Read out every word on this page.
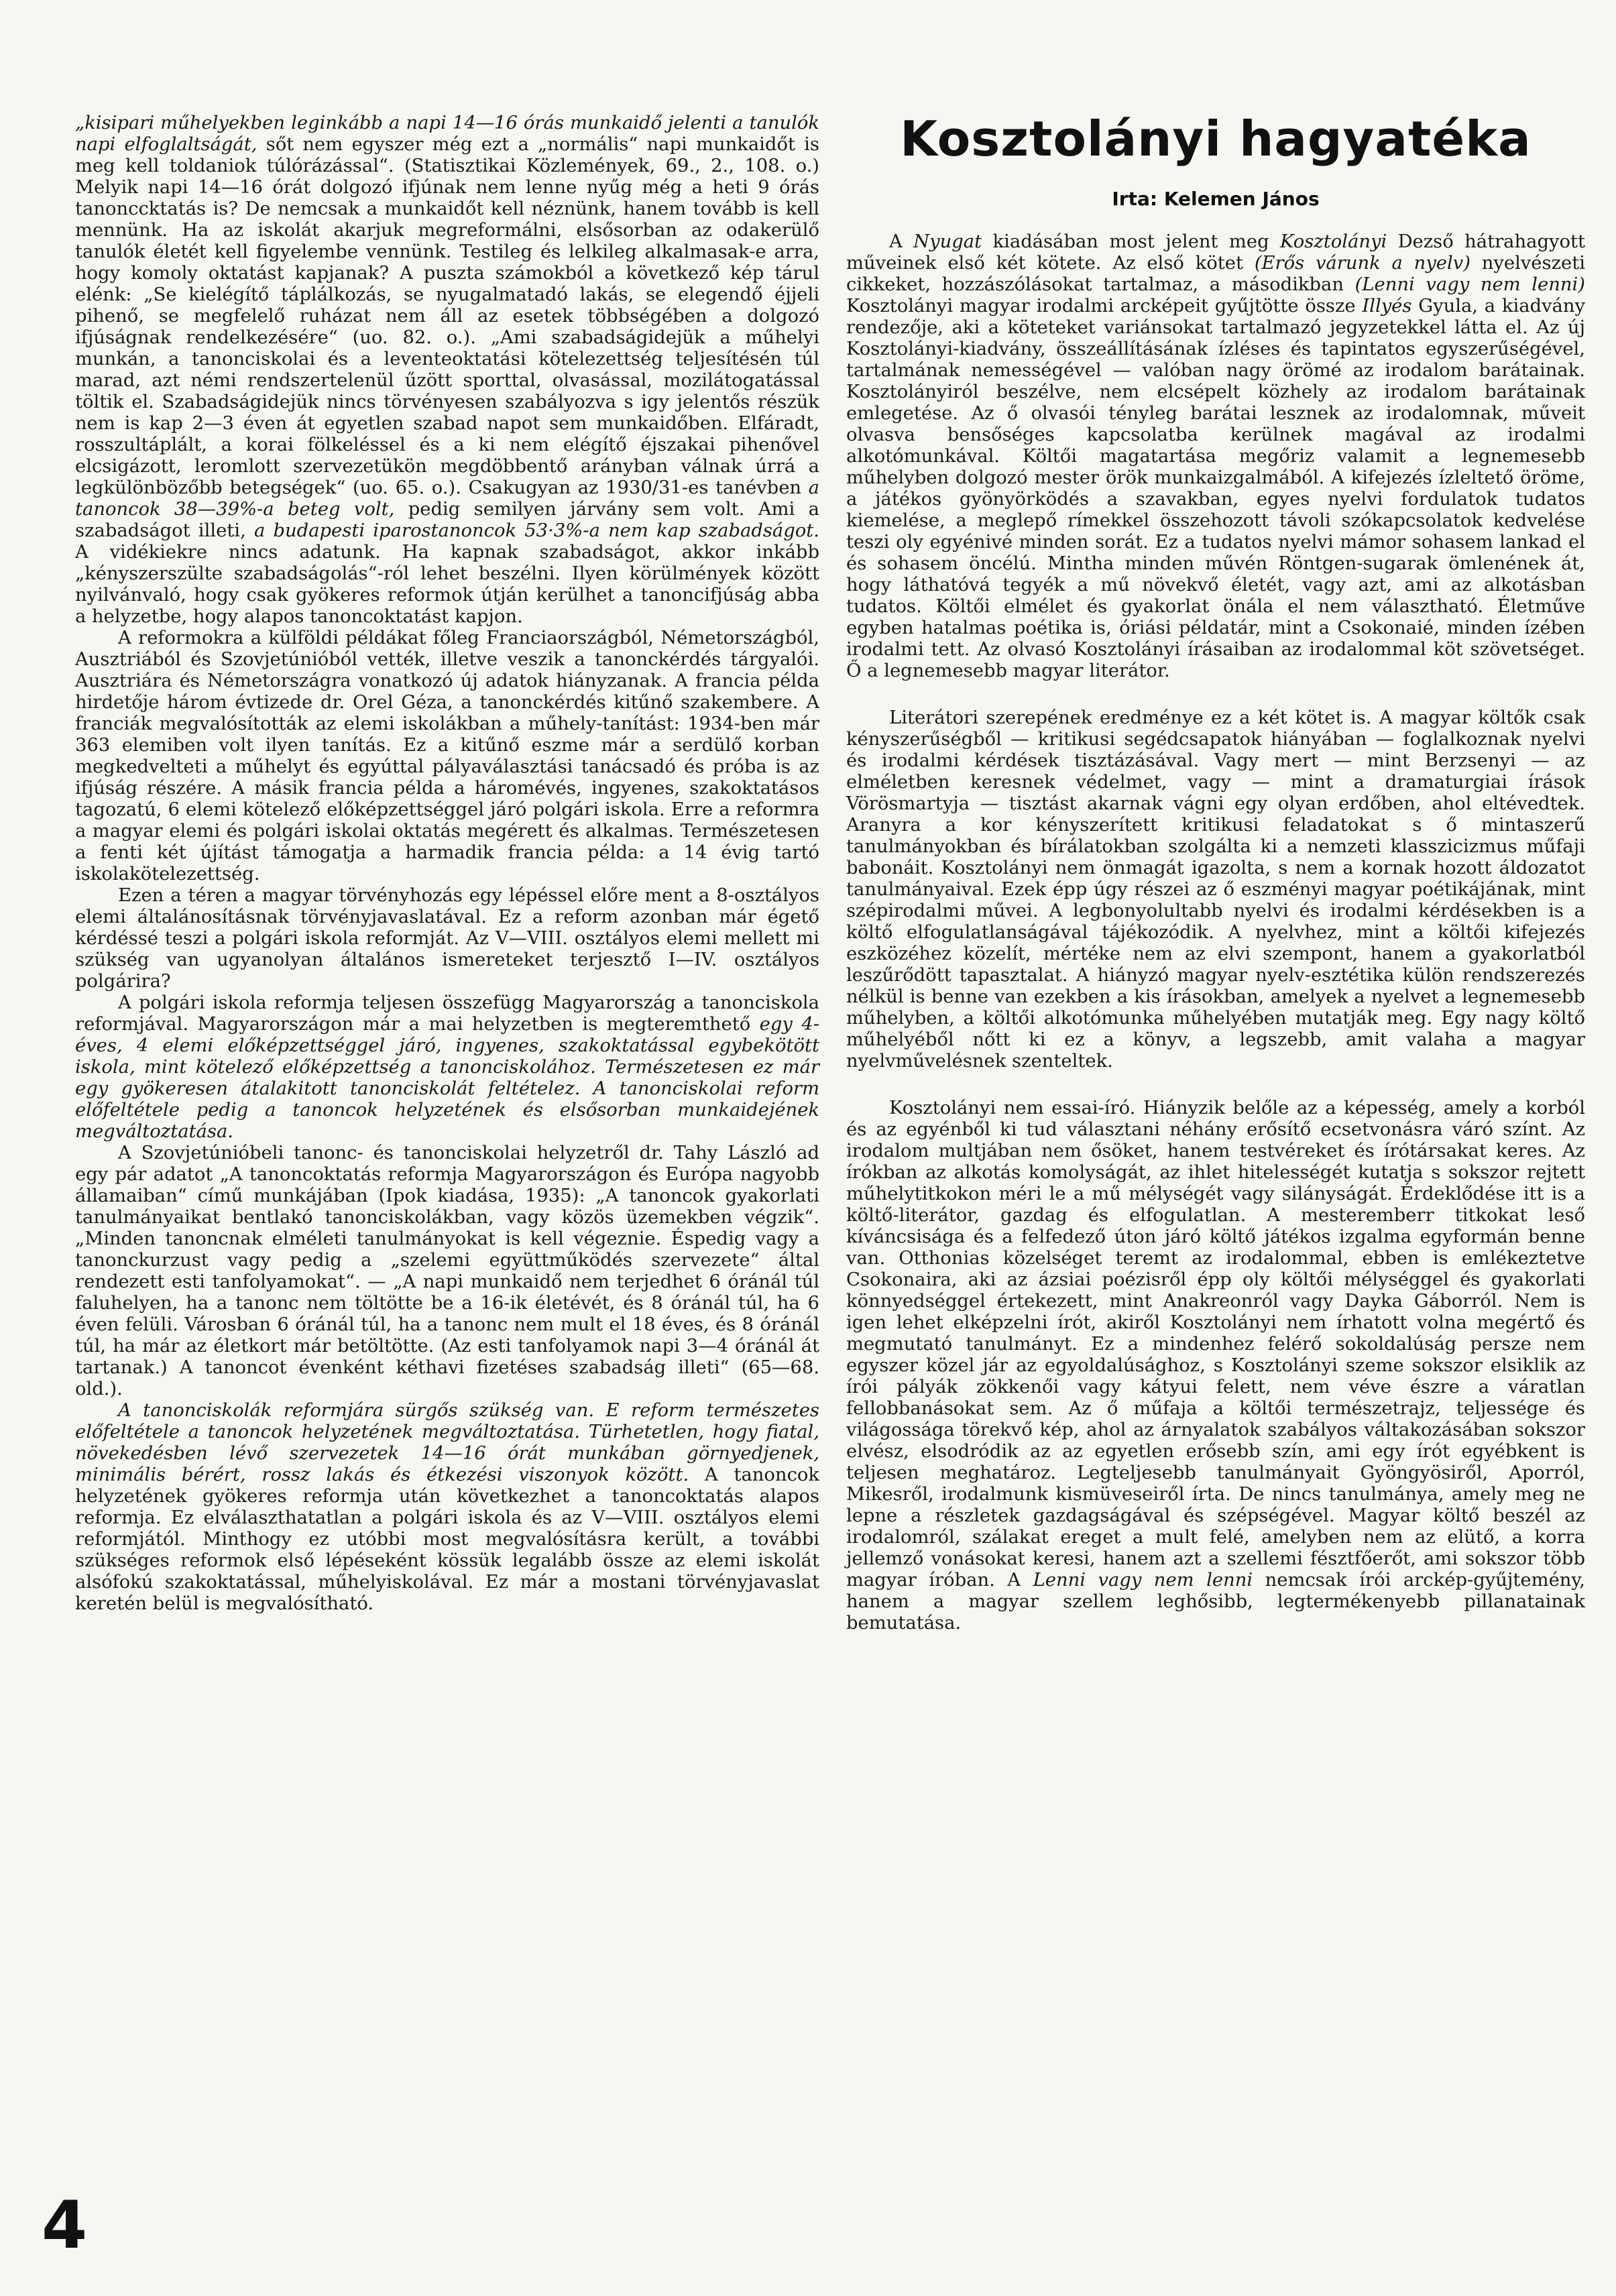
„kisipari műhelyekben leginkább a napi 14—16 órás munkaidő jelenti a tanulók napi elfoglaltságát, sőt nem egyszer még ezt a „normális“ napi munkaidőt is meg kell toldaniok túlórázással“. (Statisztikai Közlemények, 69., 2., 108. o.) Melyik napi 14—16 órát dolgozó ifjúnak nem lenne nyűg még a heti 9 órás tanonccktatás is? De nemcsak a munkaidőt kell néznünk, hanem tovább is kell mennünk. Ha az iskolát akarjuk megreformálni, elsősorban az odakerülő tanulók életét kell figyelembe vennünk. Testileg és lelkileg alkalmasak-e arra, hogy komoly oktatást kapjanak? A puszta számokból a következő kép tárul elénk: „Se kielégítő táplálkozás, se nyugalmatadó lakás, se elegendő éjjeli pihenő, se megfelelő ruházat nem áll az esetek többségében a dolgozó ifjúságnak rendelkezésére“ (uo. 82. o.). „Ami szabadságidejük a műhelyi munkán, a tanonciskolai és a leventeoktatási kötelezettség teljesítésén túl marad, azt némi rendszertelenül űzött sporttal, olvasással, mozilátogatással töltik el. Szabadságidejük nincs törvényesen szabályozva s igy jelentős részük nem is kap 2—3 éven át egyetlen szabad napot sem munkaidőben. Elfáradt, rosszultáplált, a korai fölkeléssel és a ki nem elégítő éjszakai pihenővel elcsigázott, leromlott szervezetükön megdöbbentő arányban válnak úrrá a legkülönbözőbb betegségek“ (uo. 65. o.). Csakugyan az 1930/31-es tanévben a tanoncok 38—39%-a beteg volt, pedig semilyen járvány sem volt. Ami a szabadságot illeti, a budapesti iparostanoncok 53·3%-a nem kap szabadságot. A vidékiekre nincs adatunk. Ha kapnak szabadságot, akkor inkább „kényszerszülte szabadságolás“-ról lehet beszélni. Ilyen körülmények között nyilvánvaló, hogy csak gyökeres reformok útján kerülhet a tanoncifjúság abba a helyzetbe, hogy alapos tanoncoktatást kapjon.

A reformokra a külföldi példákat főleg Franciaországból, Németországból, Ausztriából és Szovjetúnióból vették, illetve veszik a tanonckérdés tárgyalói. Ausztriára és Németországra vonatkozó új adatok hiányzanak. A francia példa hirdetője három évtizede dr. Orel Géza, a tanonckérdés kitűnő szakembere. A franciák megvalósították az elemi iskolákban a műhely-tanítást: 1934-ben már 363 elemiben volt ilyen tanítás. Ez a kitűnő eszme már a serdülő korban megkedvelteti a műhelyt és egyúttal pályaválasztási tanácsadó és próba is az ifjúság részére. A másik francia példa a háromévés, ingyenes, szakoktatásos tagozatú, 6 elemi kötelező előképzettséggel járó polgári iskola. Erre a reformra a magyar elemi és polgári iskolai oktatás megérett és alkalmas. Természetesen a fenti két újítást támogatja a harmadik francia példa: a 14 évig tartó iskolakötelezettség.

Ezen a téren a magyar törvényhozás egy lépéssel előre ment a 8-osztályos elemi általánosításnak törvényjavaslatával. Ez a reform azonban már égető kérdéssé teszi a polgári iskola reformját. Az V—VIII. osztályos elemi mellett mi szükség van ugyanolyan általános ismereteket terjesztő I—IV. osztályos polgárira?

A polgári iskola reformja teljesen összefügg Magyarország a tanonciskola reformjával. Magyarországon már a mai helyzetben is megteremthető egy 4-éves, 4 elemi előképzettséggel járó, ingyenes, szakoktatással egybekötött iskola, mint kötelező előképzettség a tanonciskolához. Természetesen ez már egy gyökeresen átalakitott tanonciskolát feltételez. A tanonciskolai reform előfeltétele pedig a tanoncok helyzetének és elsősorban munkaidejének megváltoztatása.

A Szovjetúnióbeli tanonc- és tanonciskolai helyzetről dr. Tahy László ad egy pár adatot „A tanoncoktatás reformja Magyarországon és Európa nagyobb államaiban“ című munkájában (Ipok kiadása, 1935): „A tanoncok gyakorlati tanulmányaikat bentlakó tanonciskolákban, vagy közös üzemekben végzik“. „Minden tanoncnak elméleti tanulmányokat is kell végeznie. Éspedig vagy a tanonckurzust vagy pedig a „szelemi együttműködés szervezete“ által rendezett esti tanfolyamokat“. — „A napi munkaidő nem terjedhet 6 óránál túl faluhelyen, ha a tanonc nem töltötte be a 16-ik életévét, és 8 óránál túl, ha 6 éven felüli. Városban 6 óránál túl, ha a tanonc nem mult el 18 éves, és 8 óránál túl, ha már az életkort már betöltötte. (Az esti tanfolyamok napi 3—4 óránál át tartanak.) A tanoncot évenként kéthavi fizetéses szabadság illeti“ (65—68. old.).

A tanonciskolák reformjára sürgős szükség van. E reform természetes előfeltétele a tanoncok helyzetének megváltoztatása. Türhetetlen, hogy fiatal, növekedésben lévő szervezetek 14—16 órát munkában görnyedjenek, minimális bérért, rossz lakás és étkezési viszonyok között. A tanoncok helyzetének gyökeres reformja után következhet a tanoncoktatás alapos reformja. Ez elválaszthatatlan a polgári iskola és az V—VIII. osztályos elemi reformjától. Minthogy ez utóbbi most megvalósításra került, a további szükséges reformok első lépéseként kössük legalább össze az elemi iskolát alsófokú szakoktatással, műhelyiskolával. Ez már a mostani törvényjavaslat keretén belül is megvalósítható.

Kosztolányi hagyatéka
Irta: Kelemen János

A Nyugat kiadásában most jelent meg Kosztolányi Dezső hátrahagyott műveinek első két kötete. Az első kötet (Erős várunk a nyelv) nyelvészeti cikkeket, hozzászólásokat tartalmaz, a másodikban (Lenni vagy nem lenni) Kosztolányi magyar irodalmi arcképeit gyűjtötte össze Illyés Gyula, a kiadvány rendezője, aki a köteteket variánsokat tartalmazó jegyzetekkel látta el. Az új Kosztolányi-kiadvány, összeállításának ízléses és tapintatos egyszerűségével, tartalmának nemességével — valóban nagy örömé az irodalom barátainak. Kosztolányiról beszélve, nem elcsépelt közhely az irodalom barátainak emlegetése. Az ő olvasói tényleg barátai lesznek az irodalomnak, műveit olvasva bensőséges kapcsolatba kerülnek magával az irodalmi alkotómunkával. Költői magatartása megőriz valamit a legnemesebb műhelyben dolgozó mester örök munkaizgalmából. A kifejezés ízleltető öröme, a játékos gyönyörködés a szavakban, egyes nyelvi fordulatok tudatos kiemelése, a meglepő rímekkel összehozott távoli szókapcsolatok kedvelése teszi oly egyénivé minden sorát. Ez a tudatos nyelvi mámor sohasem lankad el és sohasem öncélú. Mintha minden művén Röntgen-sugarak ömlenének át, hogy láthatóvá tegyék a mű növekvő életét, vagy azt, ami az alkotásban tudatos. Költői elmélet és gyakorlat önála el nem választható. Életműve egyben hatalmas poétika is, óriási példatár, mint a Csokonaié, minden ízében irodalmi tett. Az olvasó Kosztolányi írásaiban az irodalommal köt szövetséget. Ő a legnemesebb magyar literátor.

Literátori szerepének eredménye ez a két kötet is. A magyar költők csak kényszerűségből — kritikusi segédcsapatok hiányában — foglalkoznak nyelvi és irodalmi kérdések tisztázásával. Vagy mert — mint Berzsenyi — az elméletben keresnek védelmet, vagy — mint a dramaturgiai írások Vörösmartyja — tisztást akarnak vágni egy olyan erdőben, ahol eltévedtek. Aranyra a kor kényszerített kritikusi feladatokat s ő mintaszerű tanulmányokban és bírálatokban szolgálta ki a nemzeti klasszicizmus műfaji babonáit. Kosztolányi nem önmagát igazolta, s nem a kornak hozott áldozatot tanulmányaival. Ezek épp úgy részei az ő eszményi magyar poétikájának, mint szépirodalmi művei. A legbonyolultabb nyelvi és irodalmi kérdésekben is a költő elfogulatlanságával tájékozódik. A nyelvhez, mint a költői kifejezés eszközéhez közelít, mértéke nem az elvi szempont, hanem a gyakorlatból leszűrődött tapasztalat. A hiányzó magyar nyelv-esztétika külön rendszerezés nélkül is benne van ezekben a kis írásokban, amelyek a nyelvet a legnemesebb műhelyben, a költői alkotómunka műhelyében mutatják meg. Egy nagy költő műhelyéből nőtt ki ez a könyv, a legszebb, amit valaha a magyar nyelvművelésnek szenteltek.

Kosztolányi nem essai-író. Hiányzik belőle az a képesség, amely a korból és az egyénből ki tud választani néhány erősítő ecsetvonásra váró színt. Az irodalom multjában nem ősöket, hanem testvéreket és írótársakat keres. Az írókban az alkotás komolyságát, az ihlet hitelességét kutatja s sokszor rejtett műhelytitkokon méri le a mű mélységét vagy silányságát. Érdeklődése itt is a költő-literátor, gazdag és elfogulatlan. A mesteremberr titkokat leső kíváncsisága és a felfedező úton járó költő játékos izgalma egyformán benne van. Otthonias közelséget teremt az irodalommal, ebben is emlékeztetve Csokonaira, aki az ázsiai poézisről épp oly költői mélységgel és gyakorlati könnyedséggel értekezett, mint Anakreonról vagy Dayka Gáborról. Nem is igen lehet elképzelni írót, akiről Kosztolányi nem írhatott volna megértő és megmutató tanulmányt. Ez a mindenhez felérő sokoldalúság persze nem egyszer közel jár az egyoldalúsághoz, s Kosztolányi szeme sokszor elsiklik az írói pályák zökkenői vagy kátyui felett, nem véve észre a váratlan fellobbanásokat sem. Az ő műfaja a költői természetrajz, teljessége és világossága törekvő kép, ahol az árnyalatok szabályos váltakozásában sokszor elvész, elsodródik az az egyetlen erősebb szín, ami egy írót egyébkent is teljesen meghatároz. Legteljesebb tanulmányait Gyöngyösiről, Aporról, Mikesről, irodalmunk kismüveseiről írta. De nincs tanulmánya, amely meg ne lepne a részletek gazdagságával és szépségével. Magyar költő beszél az irodalomról, szálakat ereget a mult felé, amelyben nem az elütő, a korra jellemző vonásokat keresi, hanem azt a szellemi fésztfőerőt, ami sokszor több magyar íróban. A Lenni vagy nem lenni nemcsak írói arckép-gyűjtemény, hanem a magyar szellem leghősibb, legtermékenyebb pillanatainak bemutatása.

4
